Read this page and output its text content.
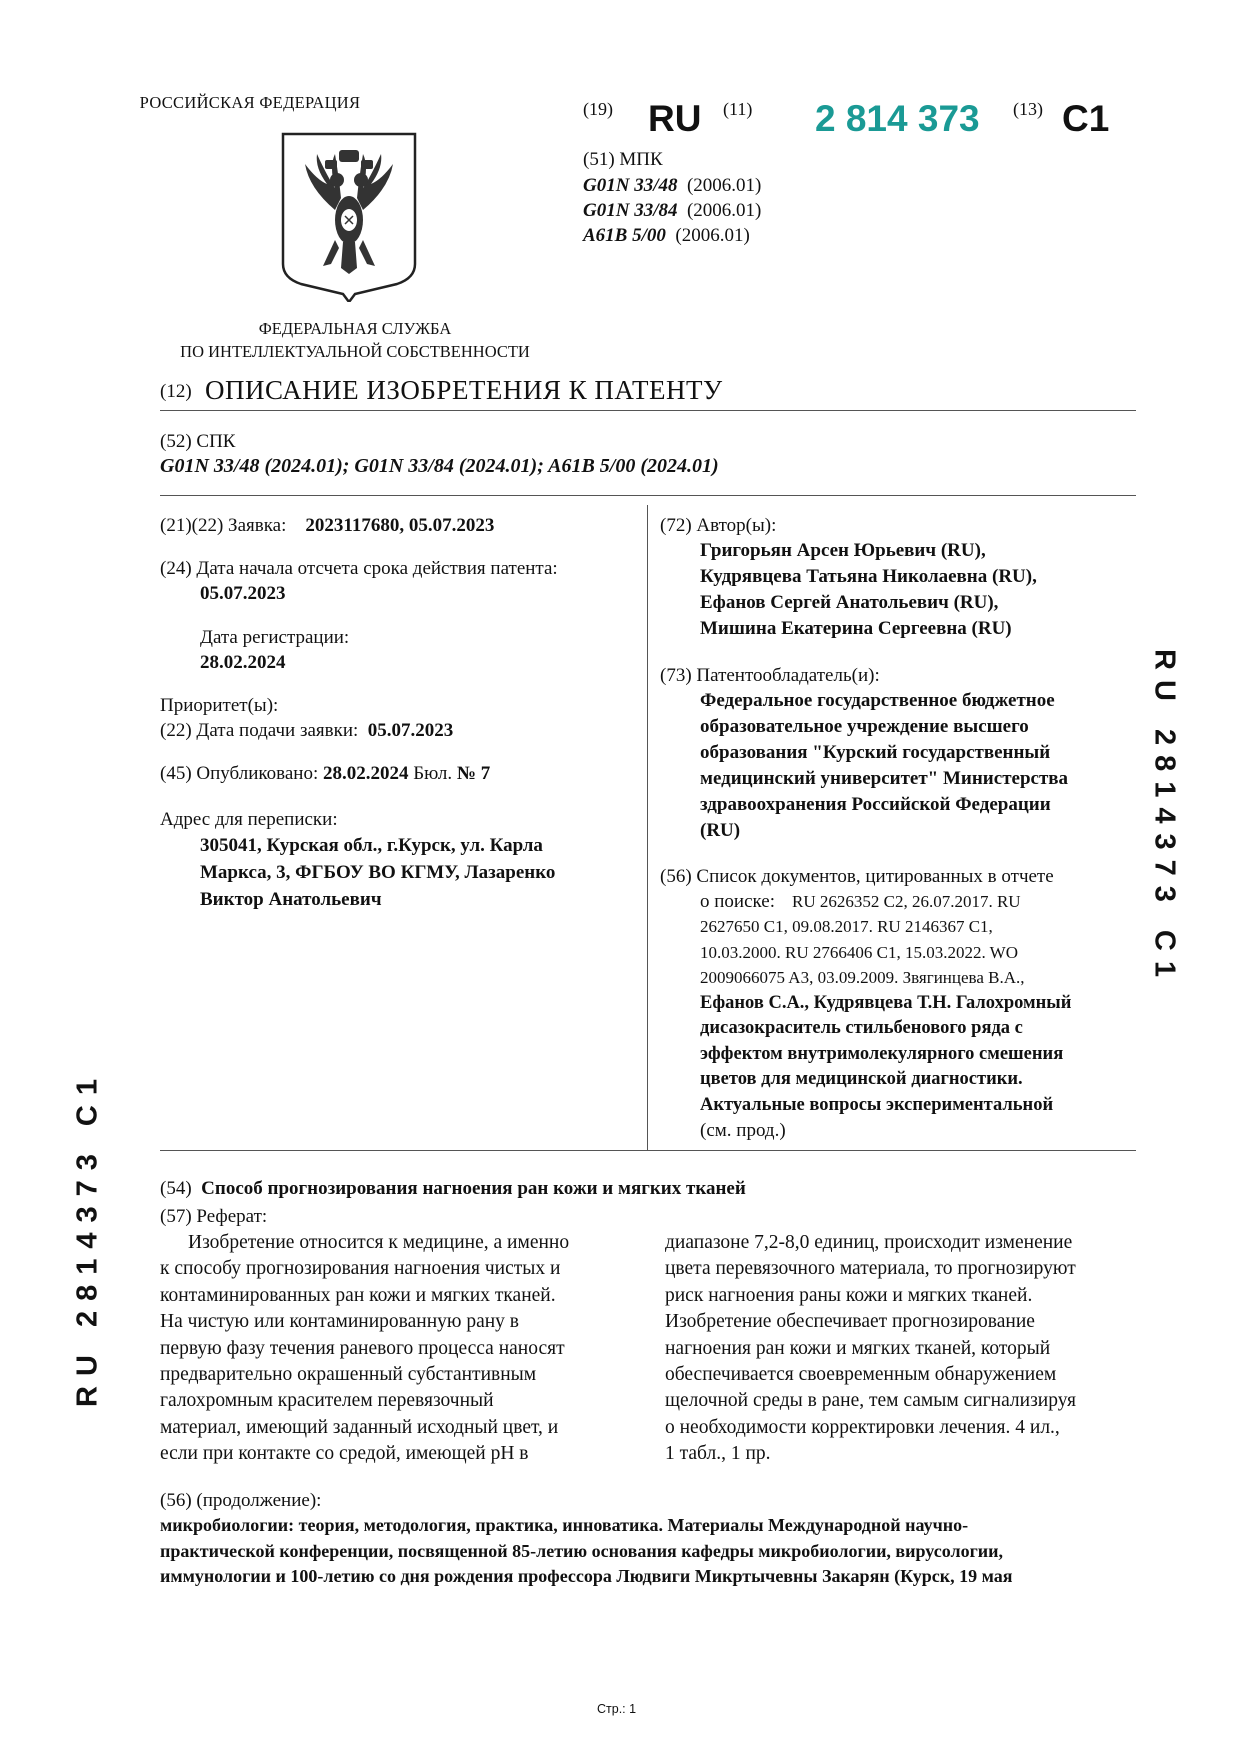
РОССИЙСКАЯ ФЕДЕРАЦИЯ
ФЕДЕРАЛЬНАЯ СЛУЖБА
ПО ИНТЕЛЛЕКТУАЛЬНОЙ СОБСТВЕННОСТИ
(19) RU (11) 2 814 373 (13) C1
(51) МПК
G01N 33/48 (2006.01)
G01N 33/84 (2006.01)
A61B 5/00 (2006.01)
(12) ОПИСАНИЕ ИЗОБРЕТЕНИЯ К ПАТЕНТУ
(52) СПК
G01N 33/48 (2024.01); G01N 33/84 (2024.01); A61B 5/00 (2024.01)
(21)(22) Заявка: 2023117680, 05.07.2023
(24) Дата начала отсчета срока действия патента:
05.07.2023
Дата регистрации:
28.02.2024
Приоритет(ы):
(22) Дата подачи заявки: 05.07.2023
(45) Опубликовано: 28.02.2024 Бюл. № 7
Адрес для переписки:
305041, Курская обл., г.Курск, ул. Карла
Маркса, 3, ФГБОУ ВО КГМУ, Лазаренко
Виктор Анатольевич
(72) Автор(ы):
Григорьян Арсен Юрьевич (RU),
Кудрявцева Татьяна Николаевна (RU),
Ефанов Сергей Анатольевич (RU),
Мишина Екатерина Сергеевна (RU)
(73) Патентообладатель(и):
Федеральное государственное бюджетное
образовательное учреждение высшего
образования "Курский государственный
медицинский университет" Министерства
здравоохранения Российской Федерации
(RU)
(56) Список документов, цитированных в отчете
о поиске: RU 2626352 C2, 26.07.2017. RU
2627650 C1, 09.08.2017. RU 2146367 C1,
10.03.2000. RU 2766406 C1, 15.03.2022. WO
2009066075 A3, 03.09.2009. Звягинцева В.А.,
Ефанов С.А., Кудрявцева Т.Н. Галохромный
дисазокраситель стильбенового ряда с
эффектом внутримолекулярного смешения
цветов для медицинской диагностики.
Актуальные вопросы экспериментальной
(см. прод.)
(54) Способ прогнозирования нагноения ран кожи и мягких тканей
(57) Реферат:
Изобретение относится к медицине, а именно
к способу прогнозирования нагноения чистых и
контаминированных ран кожи и мягких тканей.
На чистую или контаминированную рану в
первую фазу течения раневого процесса наносят
предварительно окрашенный субстантивным
галохромным красителем перевязочный
материал, имеющий заданный исходный цвет, и
если при контакте со средой, имеющей pH в
диапазоне 7,2-8,0 единиц, происходит изменение
цвета перевязочного материала, то прогнозируют
риск нагноения раны кожи и мягких тканей.
Изобретение обеспечивает прогнозирование
нагноения ран кожи и мягких тканей, который
обеспечивается своевременным обнаружением
щелочной среды в ране, тем самым сигнализируя
о необходимости корректировки лечения. 4 ил.,
1 табл., 1 пр.
(56) (продолжение):
микробиологии: теория, методология, практика, инноватика. Материалы Международной научно-
практической конференции, посвященной 85-летию основания кафедры микробиологии, вирусологии,
иммунологии и 100-летию со дня рождения профессора Людвиги Микртычевны Закарян (Курск, 19 мая
RU 2814373 C1
RU 2814373 C1
Стр.: 1
